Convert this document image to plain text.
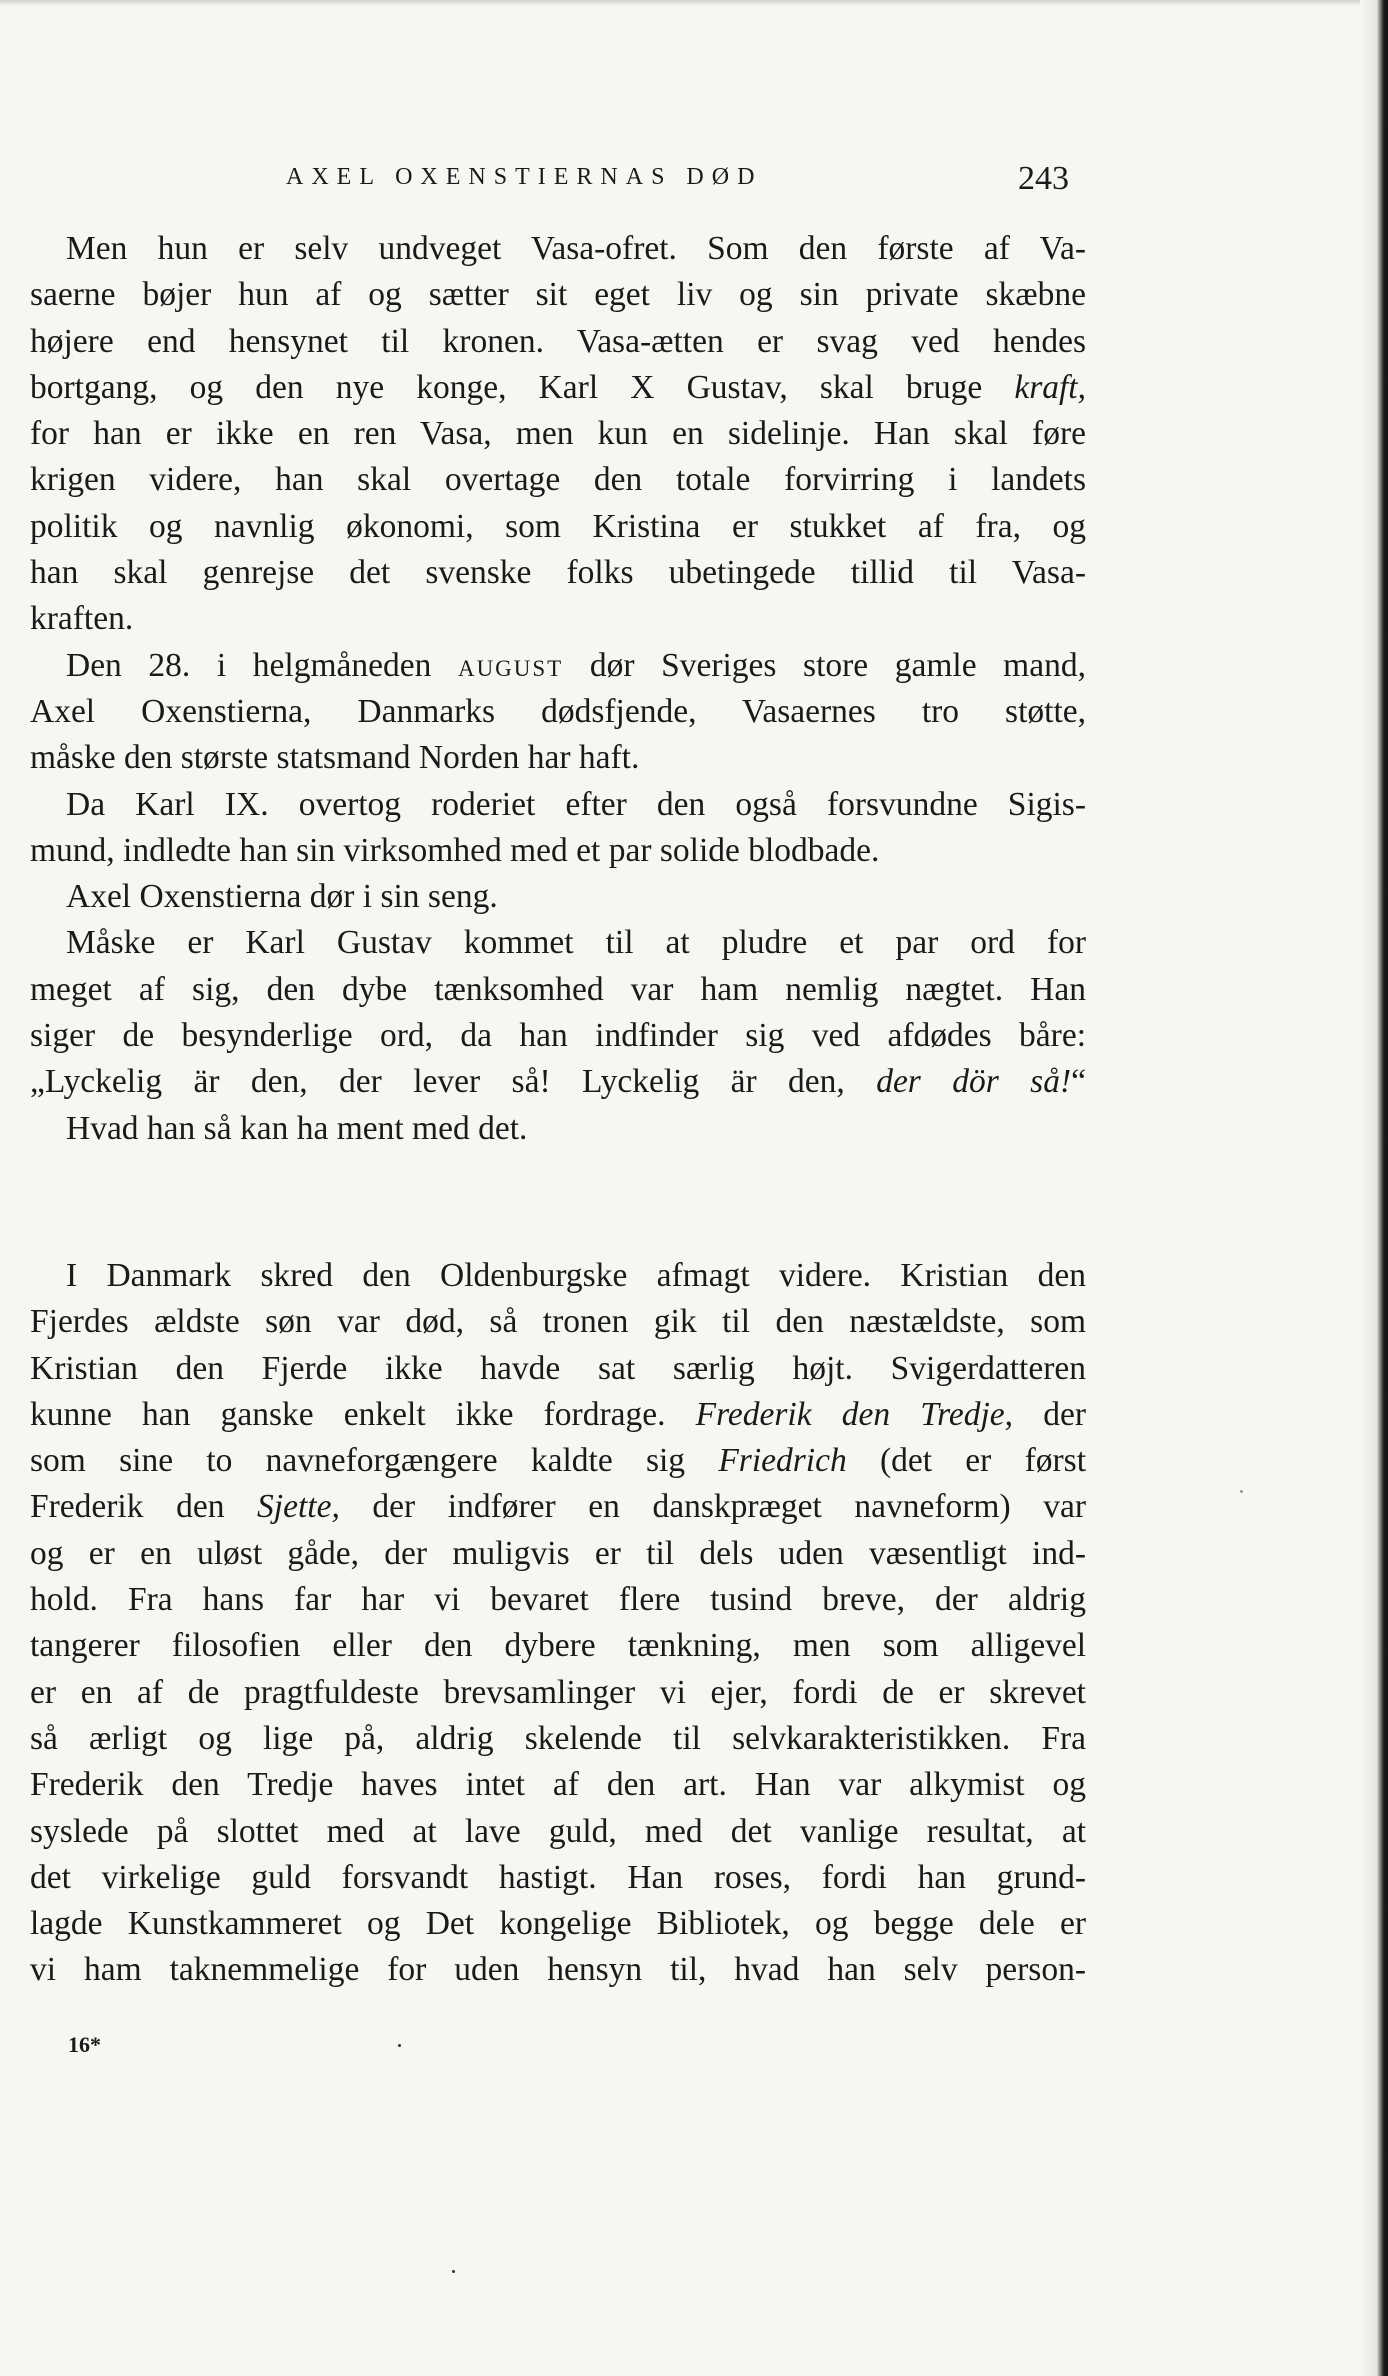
AXEL OXENSTIERNAS DØD	243
Men hun er selv undveget Vasa-ofret. Som den første af Va-
saerne bøjer hun af og sætter sit eget liv og sin private skæbne
højere end hensynet til kronen. Vasa-ætten er svag ved hendes
bortgang, og den nye konge, Karl X Gustav, skal bruge kraft,
for han er ikke en ren Vasa, men kun en sidelinje. Han skal føre
krigen videre, han skal overtage den totale forvirring i landets
politik og navnlig økonomi, som Kristina er stukket af fra, og
han skal genrejse det svenske folks ubetingede tillid til Vasa-
kraften.
Den 28. i helgmåneden august dør Sveriges store gamle mand,
Axel Oxenstierna, Danmarks dødsfjende, Vasaernes tro støtte,
måske den største statsmand Norden har haft.
Da Karl IX. overtog roderiet efter den også forsvundne Sigis-
mund, indledte han sin virksomhed med et par solide blodbade.
Axel Oxenstierna dør i sin seng.
Måske er Karl Gustav kommet til at pludre et par ord for
meget af sig, den dybe tænksomhed var ham nemlig nægtet. Han
siger de besynderlige ord, da han indfinder sig ved afdødes båre:
„Lyckelig är den, der lever så! Lyckelig är den, der dör så!“
Hvad han så kan ha ment med det.
I Danmark skred den Oldenburgske afmagt videre. Kristian den
Fjerdes ældste søn var død, så tronen gik til den næstældste, som
Kristian den Fjerde ikke havde sat særlig højt. Svigerdatteren
kunne han ganske enkelt ikke fordrage. Frederik den Tredje, der
som sine to navneforgængere kaldte sig Friedrich (det er først
Frederik den Sjette, der indfører en danskpræget navneform) var
og er en uløst gåde, der muligvis er til dels uden væsentligt ind-
hold. Fra hans far har vi bevaret flere tusind breve, der aldrig
tangerer filosofien eller den dybere tænkning, men som alligevel
er en af de pragtfuldeste brevsamlinger vi ejer, fordi de er skrevet
så ærligt og lige på, aldrig skelende til selvkarakteristikken. Fra
Frederik den Tredje haves intet af den art. Han var alkymist og
syslede på slottet med at lave guld, med det vanlige resultat, at
det virkelige guld forsvandt hastigt. Han roses, fordi han grund-
lagde Kunstkammeret og Det kongelige Bibliotek, og begge dele er
vi ham taknemmelige for uden hensyn til, hvad han selv person-
16*
